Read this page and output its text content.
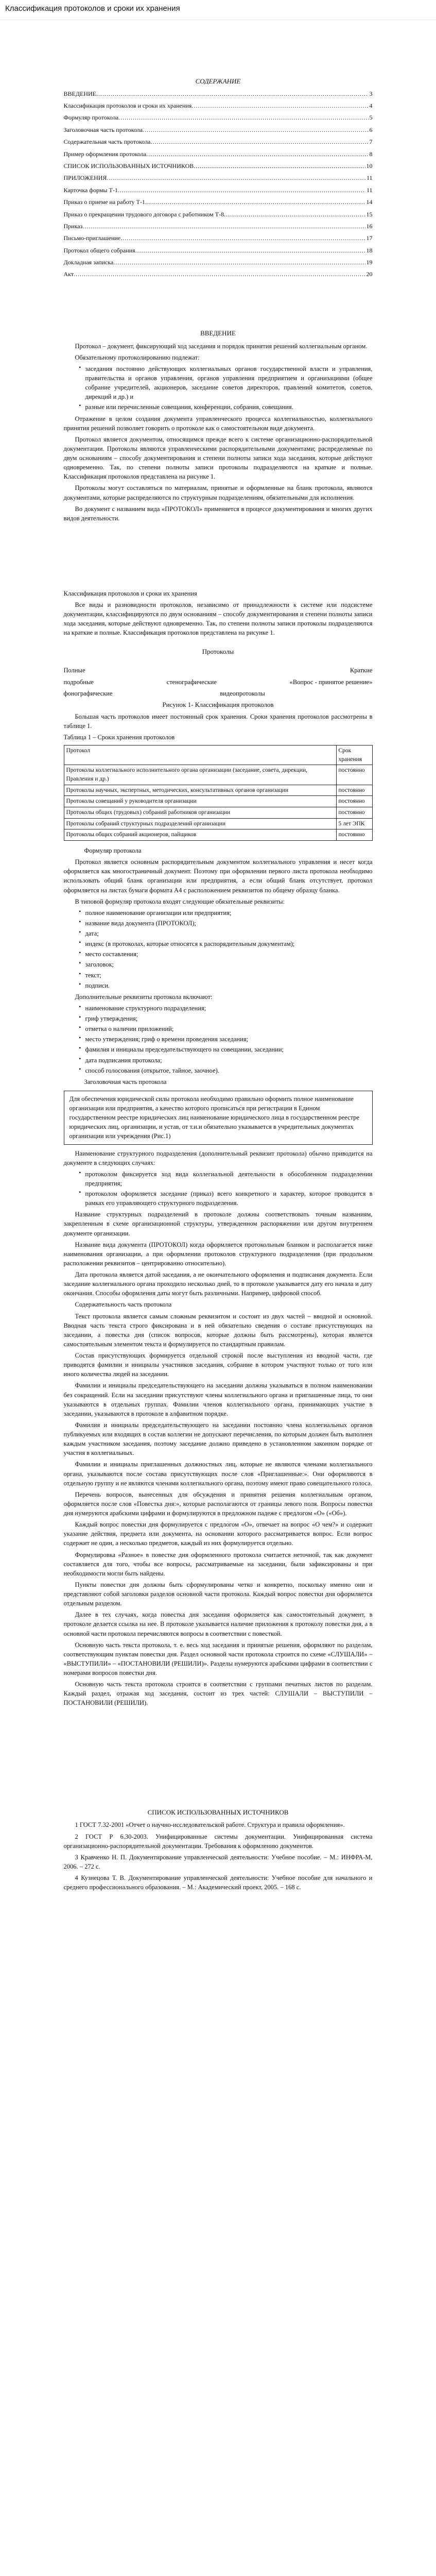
Классификация протоколов и сроки их хранения
СОДЕРЖАНИЕ
ВВЕДЕНИЕ .....	3
Классификация протоколов и сроки их хранения .....	4
Формуляр протокола .....	5
Заголовочная часть протокола .....	6
Содержательная часть протокола .....	7
Пример оформления протокола .....	8
СПИСОК ИСПОЛЬЗОВАННЫХ ИСТОЧНИКОВ .....	10
ПРИЛОЖЕНИЯ .....	11
Карточка формы Т-1 .....	11
Приказ о приеме на работу Т-1 .....	14
Приказ о прекращении трудового договора с работником Т-8 .....	15
Приказ .....	16
Письмо-приглашение .....	17
Протокол общего собрания .....	18
Докладная записка .....	19
Акт .....	20
ВВЕДЕНИЕ

Протокол – документ, фиксирующий ход заседания и порядок принятия решений коллегиальным органом.

Обязательному протоколированию подлежат:

▪ заседания постоянно действующих коллегиальных органов государственной власти и управления, правительства и органов управления, органов управления предприятием и организациями (общее собрание учредителей, акционеров, заседание советов директоров, правлений комитетов, советов, дирекций и др.) и
▪ разные или перечисленные совещания, конференции, собрания, совещания.

Отражение в целом создания документа управленческого процесса коллегиальностью, коллегиального принятия решений позволяет говорить о протоколе как о самостоятельном виде документа.

Протокол является документом, относящимся прежде всего к системе организационно-распорядительной документации. Протоколы являются управленческими распорядительными документами; распределяемые по двум основаниям – способу документирования и степени полноты записи хода заседания, которые действуют одновременно. Так, по степени полноты записи протоколы подразделяются на краткие и полные. Классификация протоколов представлена на рисунке 1.

Протоколы могут составляться по материалам, принятые и оформленные на бланк протокола, являются документами, которые распределяются по структурным подразделениям, обязательными для исполнения.

Во документ с названием вида «ПРОТОКОЛ» применяется в процессе документирования и многих других видов деятельности.

Классификация протоколов и сроки их хранения

Все виды и разновидности протоколов, независимо от принадлежности к системе или подсистеме документации, классифицируются по двум основаниям – способу документирования и степени полноты записи хода заседания, которые действуют одновременно. Так, по степени полноты записи протоколы подразделяются на краткие и полные. Классификация протоколов представлена на рисунке 1.

Протоколы
Полные	Краткие
подробные	стенографические	«Вопрос - принятое решение»
фонографические	видеопротоколы
Рисунок 1- Классификация протоколов

Большая часть протоколов имеет постоянный срок хранения. Сроки хранения протоколов рассмотрены в таблице 1.

Таблица 1 – Сроки хранения протоколов

Протокол	Срок хранения
Протоколы коллегиального исполнительного органа организации (заседание, совета, дирекции, Правления и др.)	постоянно
Протоколы научных, экспертных, методических, консультативных органов организации	постоянно
Протоколы совещаний у руководителя организации	постоянно
Протоколы общих (трудовых) собраний работников организации	постоянно
Протоколы собраний структурных подразделений организации	5 лет ЭПК
Протоколы общих собраний акционеров, пайщиков	постоянно

Формуляр протокола

Протокол является основным распорядительным документом коллегиального управления и несет когда оформляется как многостраничный документ. Поэтому при оформлении первого листа протокола необходимо использовать общий бланк организации или предприятия, а если общий бланк отсутствует, протокол оформляется на листах бумаги формата А4 с расположением реквизитов по общему образцу бланка.

В типовой формуляр протокола входят следующие обязательные реквизиты:

▪ полное наименование организации или предприятия;
▪ название вида документа (ПРОТОКОЛ);
▪ дата;
▪ индекс (в протоколах, которые относятся к распорядительным документам);
▪ место составления;
▪ заголовок;
▪ текст;
▪ подписи.

Дополнительные реквизиты протокола включают:

▪ наименование структурного подразделения;
▪ гриф утверждения;
▪ отметка о наличии приложений;
▪ место утверждения; гриф о времени проведения заседания;
▪ фамилия и инициалы председательствующего на совещании, заседании;
▪ дата подписания протокола;
▪ способ голосования (открытое, тайное, заочное).

Заголовочная часть протокола

Для обеспечения юридической силы протокола необходимо правильно оформить полное наименование организации или предприятия, а качество которого прописаться при регистрации в Едином государственном реестре юридических лиц наименование юридического лица в государственном реестре юридических лиц, организации, и устав, от т.и.и обязательно указывается в учредительных документах организации или учреждения (Рис.1)

Наименование структурного подразделения (дополнительный реквизит протокола) обычно приводится на документе в следующих случаях:

▪ протоколом фиксируется ход вида коллегиальной деятельности в обособленном подразделении предприятия;
▪ протоколом оформляется заседание (приказ) всего конкретного и характер, которое проводится в рамках его управляющего структурного подразделения.

Название структурных подразделений в протоколе должны соответствовать точным названиям, закрепленным в схеме организационной структуры, утвержденном распоряжении или другом внутреннем документе организации.

Название вида документа (ПРОТОКОЛ) когда оформляется протокольным бланком и располагается ниже наименования организации, а при оформлении протоколов структурного подразделения (при продольном расположении реквизитов – центрированно относительно).

Дата протокола является датой заседания, а не окончательного оформления и подписания документа. Если заседание коллегиального органа проходило несколько дней, то в протоколе указывается дату его начала и дату окончания. Способы оформления даты могут быть различными. Например, цифровой способ.

Содержательность часть протокола

Текст протокола является самым сложным реквизитом и состоит из двух частей – вводной и основной. Вводная часть текста строго фиксирована и в ней обязательно сведения о составе присутствующих на заседании, а повестка дня (список вопросов, которые должны быть рассмотрены), которая является самостоятельным элементом текста и формулируется по стандартным правилам.

Состав присутствующих формируется отдельной строкой после выступления из вводной части, где приводятся фамилии и инициалы участников заседания, собрание в котором участвуют только от того или иного количества людей на заседании.

Фамилии и инициалы председательствующего на заседании должны указываться в полном наименовании без сокращений. Если на заседании присутствуют члены коллегиального органа и приглашенные лица, то они указываются в отдельных группах. Фамилии членов коллегиального органа, принимающих участие в заседании, указываются в протоколе в алфавитном порядке.

Фамилия и инициалы председательствующего на заседании постоянно члена коллегиальных органов публикуемых или входящих в состав коллегии не допускают перечисления, по которым должен быть выполнен каждым участником заседания, поэтому заседание должно приведено в установленном законном порядке от участия в коллегиальных.

Фамилии и инициалы приглашенных должностных лиц, которые не являются членами коллегиального органа, указываются после состава присутствующих после слов «Приглашенные:». Они оформляются в отдельную группу и не являются членами коллегиального органа, поэтому имеют право совещательного голоса.

Перечень вопросов, вынесенных для обсуждения и принятия решения коллегиальным органом, оформляется после слов «Повестка дня:», которые располагаются от границы левого поля. Вопросы повестки дня нумеруются арабскими цифрами и формулируются в предложном падеже с предлогом «О» («Об»).

Каждый вопрос повестки дня формулируется с предлогом «О», отвечает на вопрос «О чем?» и содержит указание действия, предмета или документа, на основании которого рассматривается вопрос. Если вопрос содержит не один, а несколько предметов, каждый из них формулируется отдельно.

Формулировка «Разное» в повестке дня оформленного протокола считается неточной, так как документ составляется для того, чтобы все вопросы, рассматриваемые на заседании, были зафиксированы и при необходимости могли быть найдены.

Пункты повестки дня должны быть сформулированы четко и конкретно, поскольку именно они и представляют собой заголовки разделов основной части протокола. Каждый вопрос повестки дня оформляется отдельным разделом.

Далее в тех случаях, когда повестка дня заседания оформляется как самостоятельный документ, в протоколе делается ссылка на нее. В протоколе указывается наличие приложения к протоколу повестки дня, а в основной части протокола перечисляются вопросы в соответствии с повесткой.

Основную часть текста протокола, т. е. весь ход заседания и принятые решения, оформляют по разделам, соответствующим пунктам повестки дня. Раздел основной части протокола строится по схеме «СЛУШАЛИ» – «ВЫСТУПИЛИ» – «ПОСТАНОВИЛИ (РЕШИЛИ)». Разделы нумеруются арабскими цифрами в соответствии с номерами вопросов повестки дня.

Основную часть текста протокола строится в соответствии с группами печатных листов по разделам. Каждый раздел, отражая ход заседания, состоит из трех частей: СЛУШАЛИ – ВЫСТУПИЛИ – ПОСТАНОВИЛИ (РЕШИЛИ).

СПИСОК ИСПОЛЬЗОВАННЫХ ИСТОЧНИКОВ

1 ГОСТ 7.32-2001 «Отчет о научно-исследовательской работе. Структура и правила оформления».

2 ГОСТ Р 6.30-2003. Унифицированные системы документации. Унифицированная система организационно-распорядительной документации. Требования к оформлению документов.

3 Кравченко Н. П. Документирование управленческой деятельности: Учебное пособие. – М.: ИНФРА-М, 2006. – 272 с.

4 Кузнецова Т. В. Документирование управленческой деятельности: Учебное пособие для начального и среднего профессионального образования. – М.: Академический проект, 2005. – 168 с.
